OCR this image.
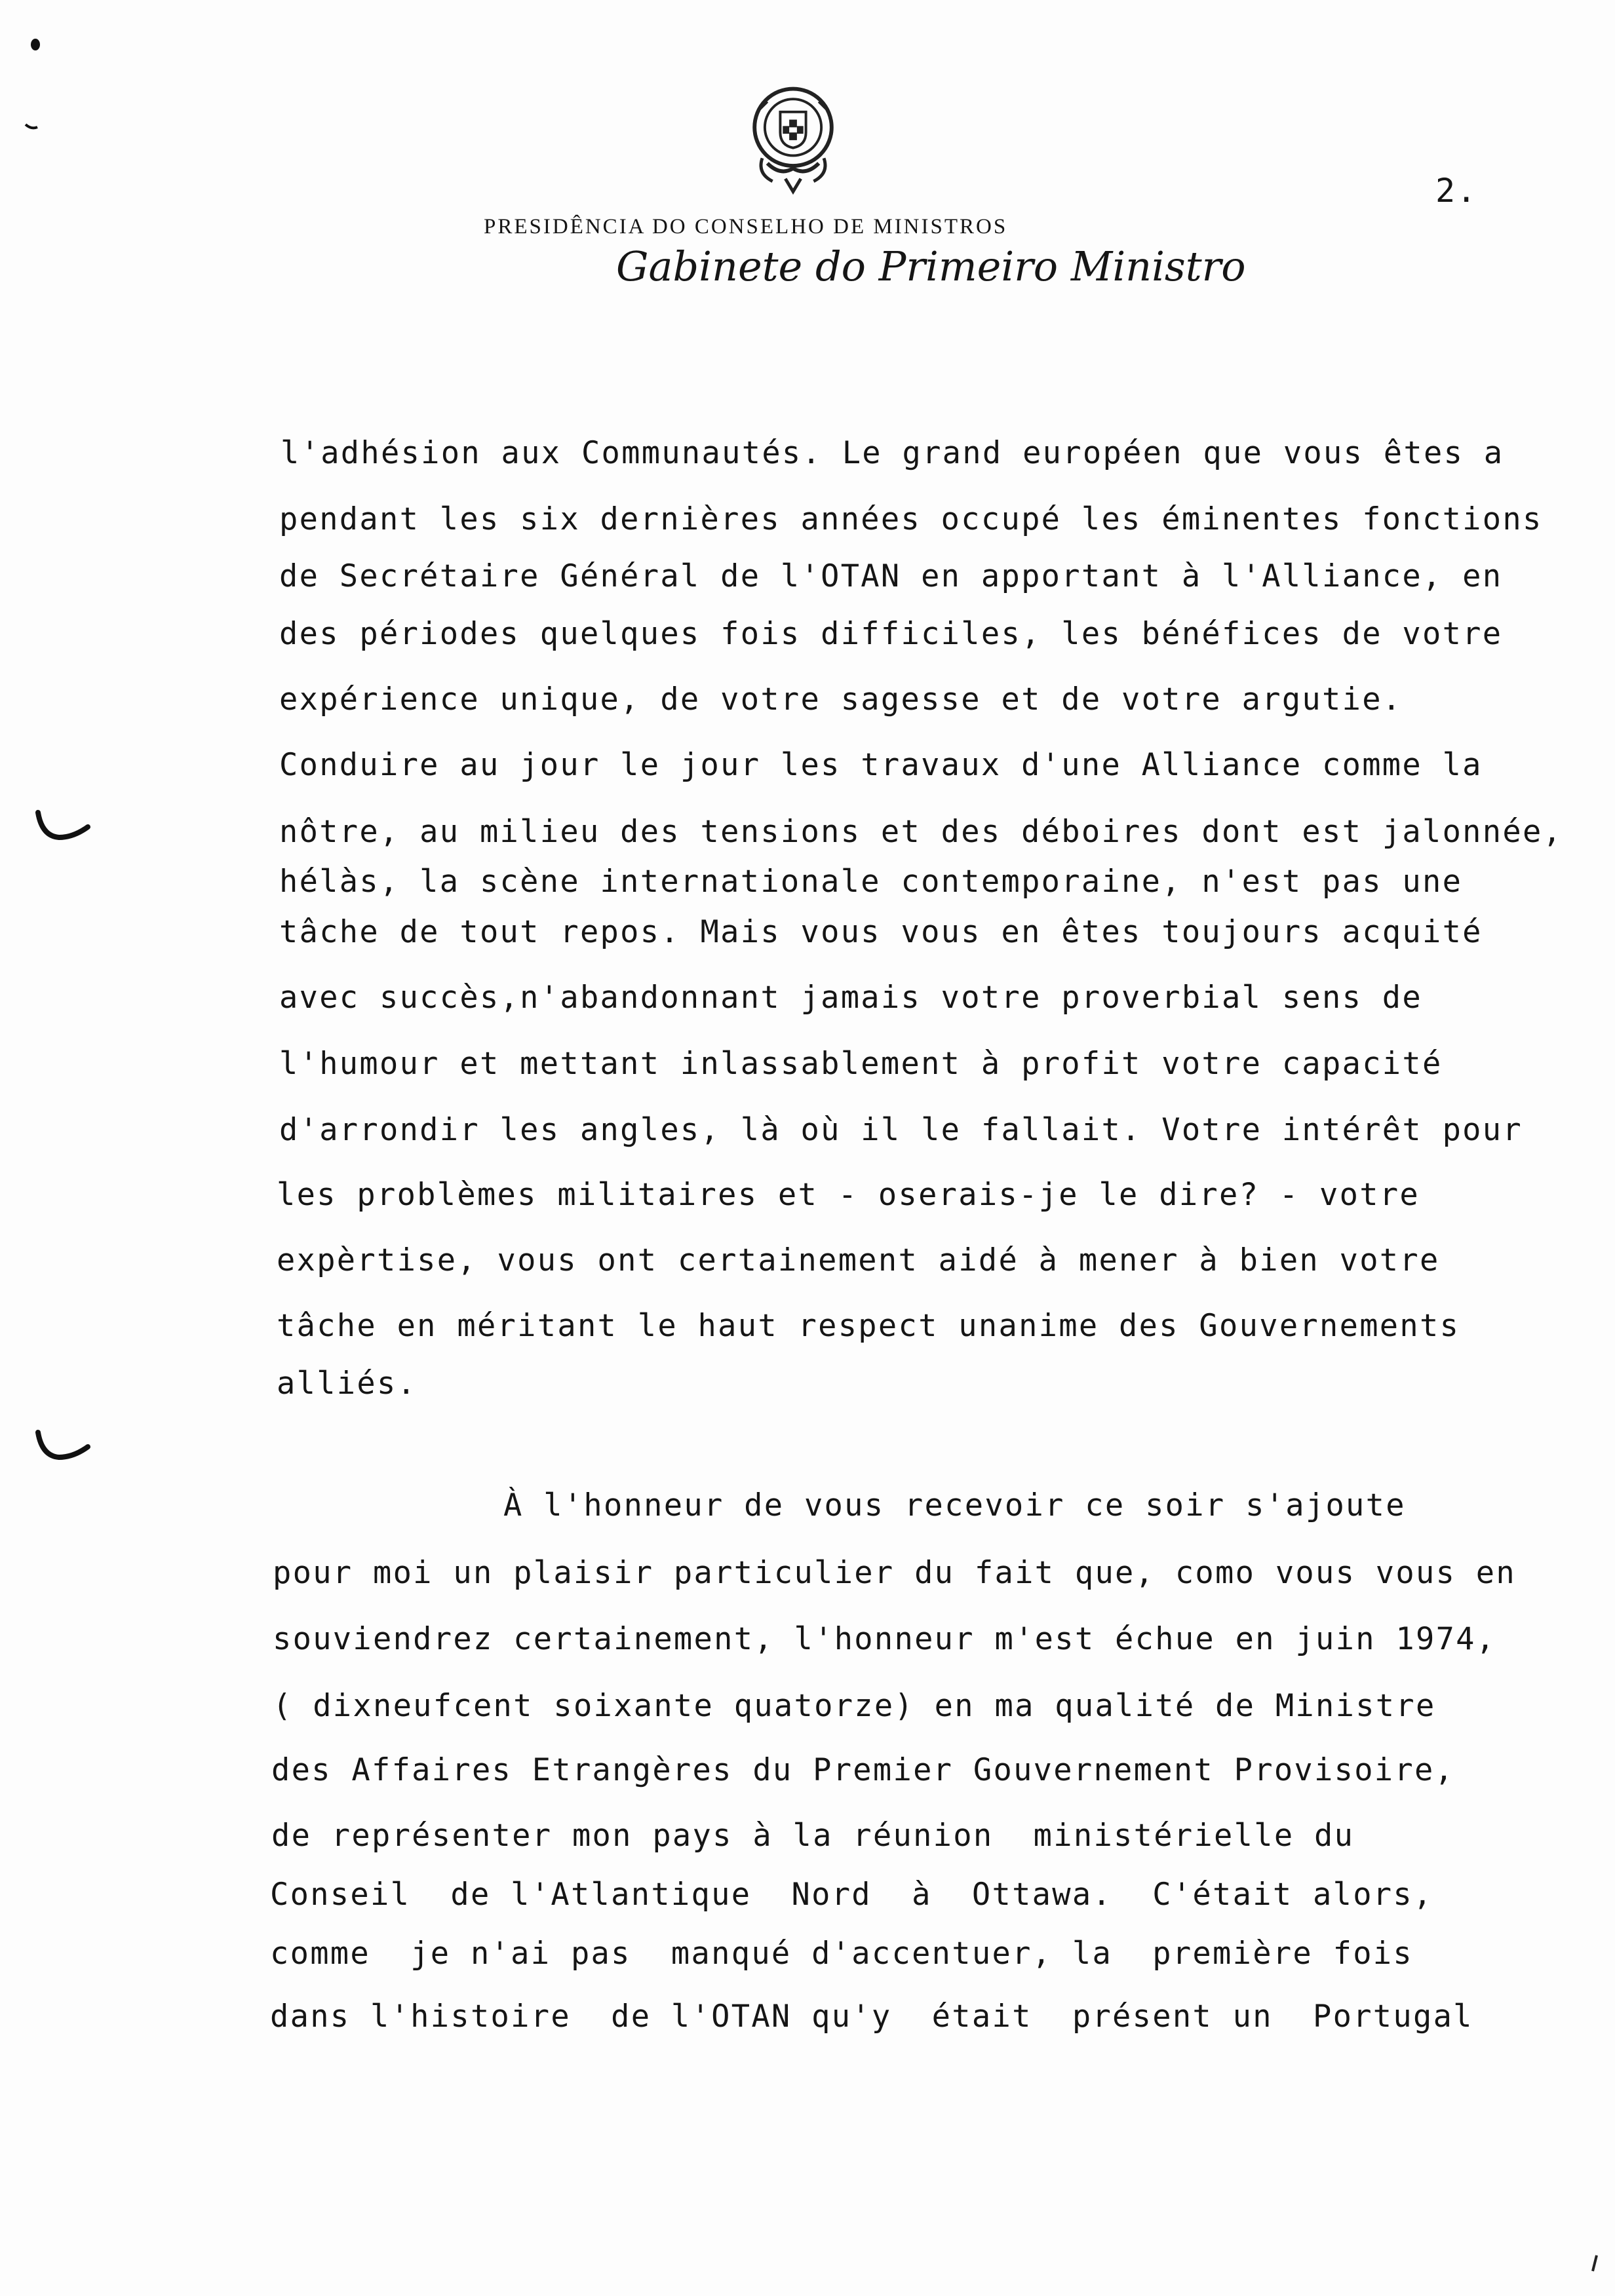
2.
PRESIDÊNCIA DO CONSELHO DE MINISTROS
Gabinete do Primeiro Ministro
l'adhésion aux Communautés. Le grand européen que vous êtes a
pendant les six dernières années occupé les éminentes fonctions
de Secrétaire Général de l'OTAN en apportant à l'Alliance, en
des périodes quelques fois difficiles, les bénéfices de votre
expérience unique, de votre sagesse et de votre argutie.
Conduire au jour le jour les travaux d'une Alliance comme la
nôtre, au milieu des tensions et des déboires dont est jalonnée,
hélàs, la scène internationale contemporaine, n'est pas une
tâche de tout repos. Mais vous vous en êtes toujours acquité
avec succès,n'abandonnant jamais votre proverbial sens de
l'humour et mettant inlassablement à profit votre capacité
d'arrondir les angles, là où il le fallait. Votre intérêt pour
les problèmes militaires et - oserais-je le dire? - votre
expèrtise, vous ont certainement aidé à mener à bien votre
tâche en méritant le haut respect unanime des Gouvernements
alliés.
À l'honneur de vous recevoir ce soir s'ajoute
pour moi un plaisir particulier du fait que, como vous vous en
souviendrez certainement, l'honneur m'est échue en juin 1974,
( dixneufcent soixante quatorze) en ma qualité de Ministre
des Affaires Etrangères du Premier Gouvernement Provisoire,
de représenter mon pays à la réunion  ministérielle du
Conseil  de l'Atlantique  Nord  à  Ottawa.  C'était alors,
comme  je n'ai pas  manqué d'accentuer, la  première fois
dans l'histoire  de l'OTAN qu'y  était  présent un  Portugal
